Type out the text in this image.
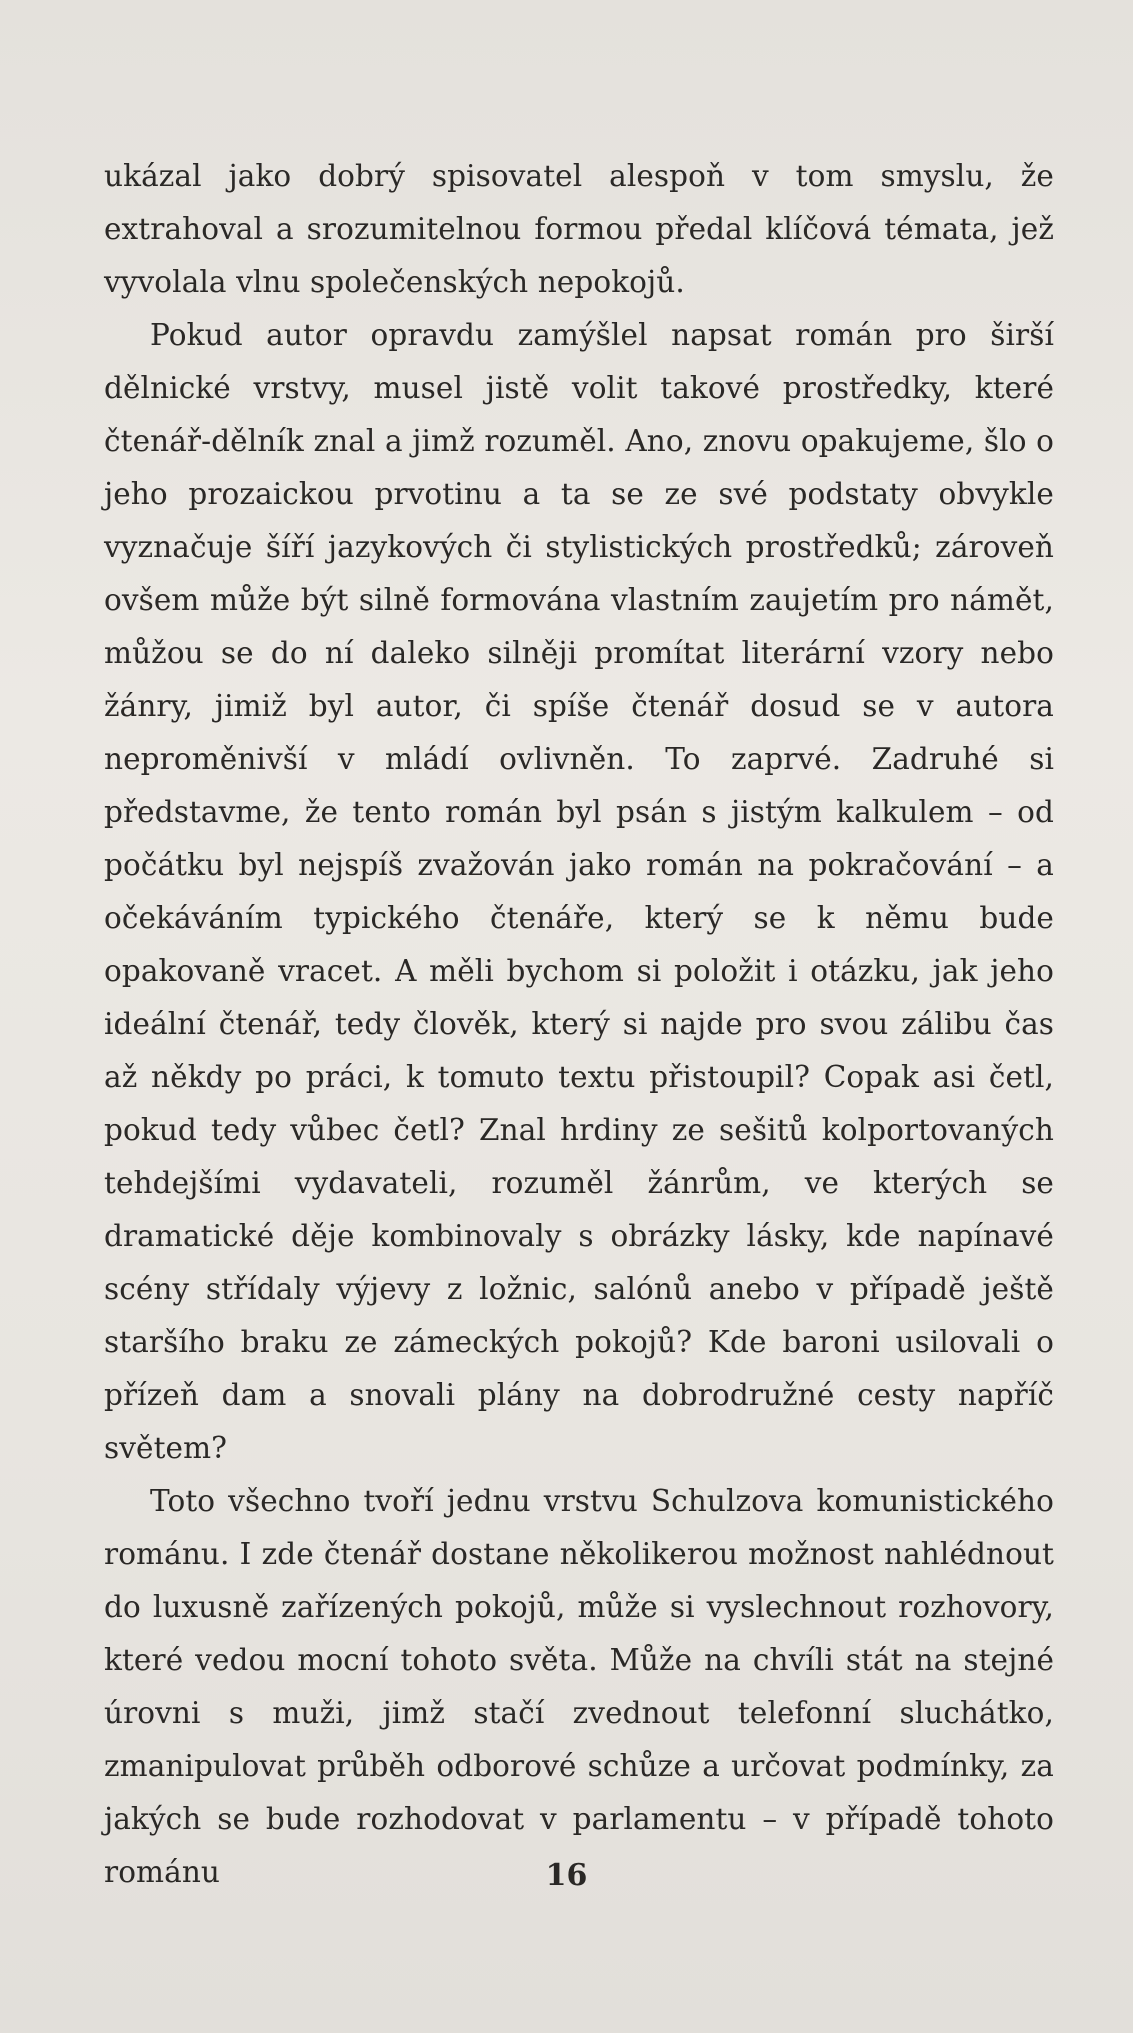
ukázal jako dobrý spisovatel alespoň v tom smyslu, že extrahoval a srozumitelnou formou předal klíčová témata, jež vyvolala vlnu společenských nepokojů.

Pokud autor opravdu zamýšlel napsat román pro širší dělnické vrstvy, musel jistě volit takové prostředky, které čtenář-dělník znal a jimž rozuměl. Ano, znovu opakujeme, šlo o jeho prozaickou prvotinu a ta se ze své podstaty obvykle vyznačuje šíří jazykových či stylistických prostředků; zároveň ovšem může být silně formována vlastním zaujetím pro námět, můžou se do ní daleko silněji promítat literární vzory nebo žánry, jimiž byl autor, či spíše čtenář dosud se v autora neproměnivší v mládí ovlivněn. To zaprvé. Zadruhé si představme, že tento román byl psán s jistým kalkulem – od počátku byl nejspíš zvažován jako román na pokračování – a očekáváním typického čtenáře, který se k němu bude opakovaně vracet. A měli bychom si položit i otázku, jak jeho ideální čtenář, tedy člověk, který si najde pro svou zálibu čas až někdy po práci, k tomuto textu přistoupil? Copak asi četl, pokud tedy vůbec četl? Znal hrdiny ze sešitů kolportovaných tehdejšími vydavateli, rozuměl žánrům, ve kterých se dramatické děje kombinovaly s obrázky lásky, kde napínavé scény střídaly výjevy z ložnic, salónů anebo v případě ještě staršího braku ze zámeckých pokojů? Kde baroni usilovali o přízeň dam a snovali plány na dobrodružné cesty napříč světem?

Toto všechno tvoří jednu vrstvu Schulzova komunistického románu. I zde čtenář dostane několikerou možnost nahlédnout do luxusně zařízených pokojů, může si vyslechnout rozhovory, které vedou mocní tohoto světa. Může na chvíli stát na stejné úrovni s muži, jimž stačí zvednout telefonní sluchátko, zmanipulovat průběh odborové schůze a určovat podmínky, za jakých se bude rozhodovat v parlamentu – v případě tohoto románu	16
